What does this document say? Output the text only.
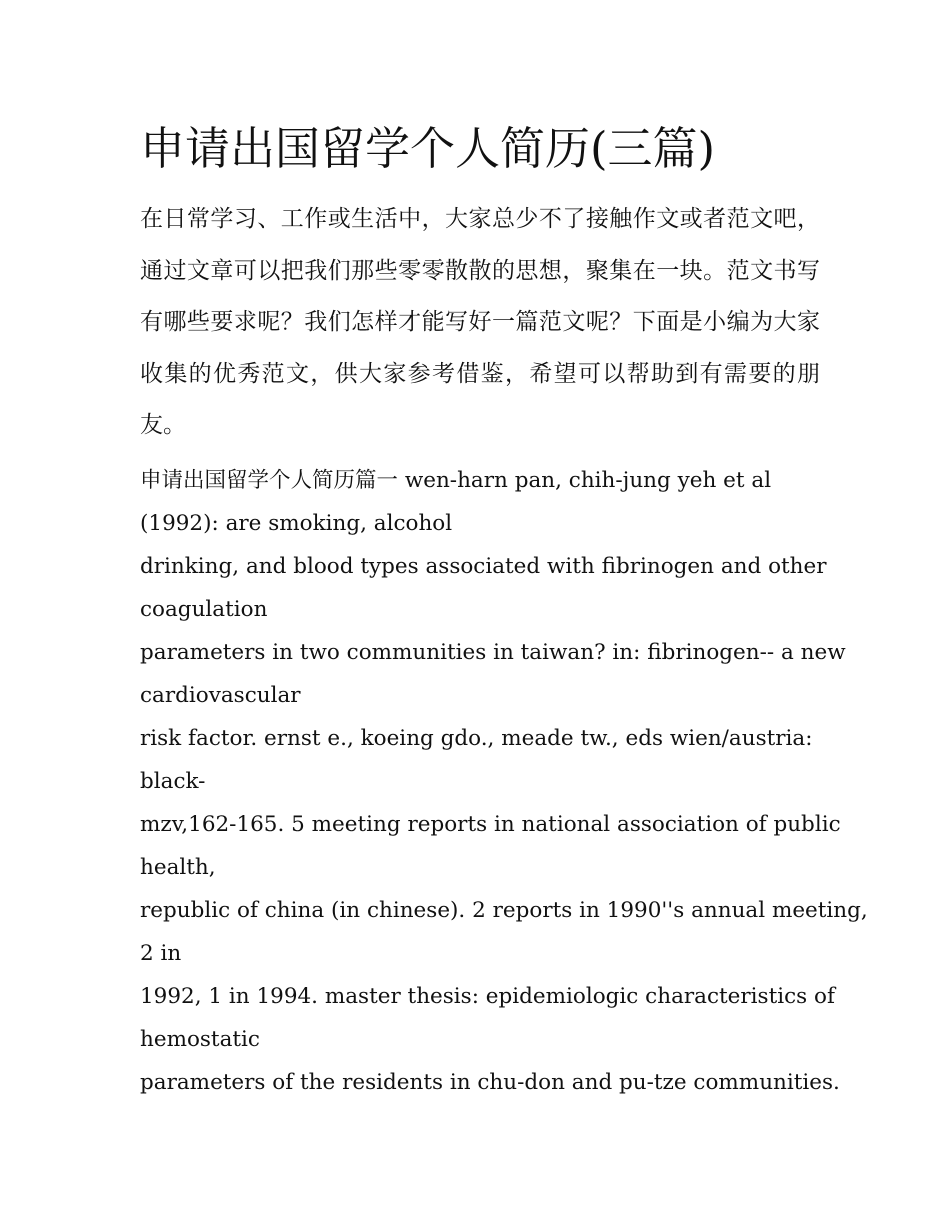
申请出国留学个人简历(三篇)

在日常学习、工作或生活中，大家总少不了接触作文或者范文吧，通过文章可以把我们那些零零散散的思想，聚集在一块。范文书写有哪些要求呢？我们怎样才能写好一篇范文呢？下面是小编为大家收集的优秀范文，供大家参考借鉴，希望可以帮助到有需要的朋友。

申请出国留学个人简历篇一 wen-harn pan, chih-jung yeh et al
(1992): are smoking, alcohol
drinking, and blood types associated with fibrinogen and other
coagulation
parameters in two communities in taiwan? in: fibrinogen-- a new
cardiovascular
risk factor. ernst e., koeing gdo., meade tw., eds wien/austria:
black-
mzv,162-165. 5 meeting reports in national association of public
health,
republic of china (in chinese). 2 reports in 1990''s annual meeting,
2 in
1992, 1 in 1994. master thesis: epidemiologic characteristics of
hemostatic
parameters of the residents in chu-don and pu-tze communities.
